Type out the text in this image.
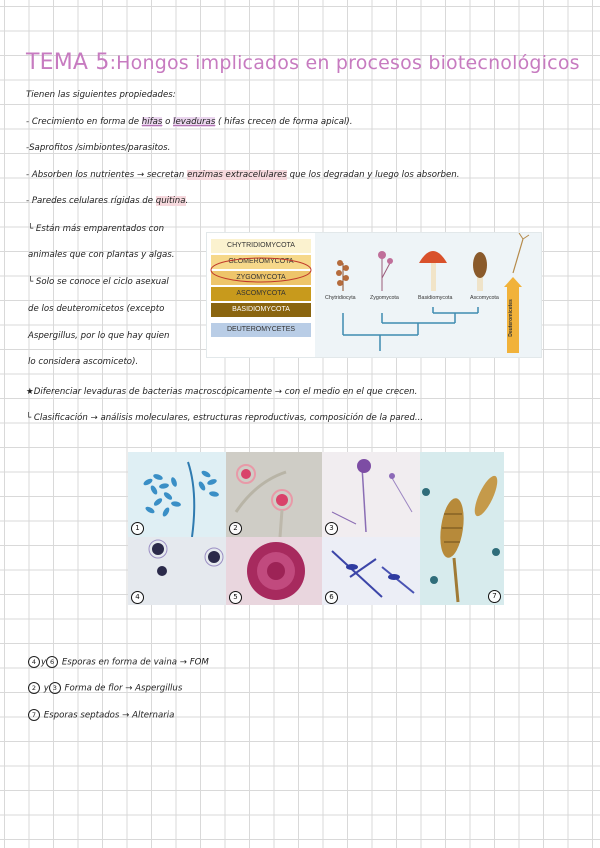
TEMA 5:Hongos implicados en procesos biotecnológicos
Tienen las siguientes propiedades:
- Crecimiento en forma de hifas o levaduras ( hifas crecen de forma apical).
-Saprofitos /simbiontes/parasitos.
- Absorben los nutrientes → secretan enzimas extracelulares que los degradan y luego los absorben.
- Paredes celulares rígidas de quitina.
└ Están más emparentados con
animales que con plantas y algas.
└ Solo se conoce el ciclo asexual
de los deuteromicetos (excepto
Aspergillus, por lo que hay quien
lo considera ascomiceto).
CHYTRIDIOMYCOTA
GLOMEROMYCOTA
ZYGOMYCOTA
ASCOMYCOTA
BASIDIOMYCOTA
DEUTEROMYCETES
Chytridiocyta	Zygomycota	Basidiomycota	Ascomycota
Deuteromicetes
★Diferenciar levaduras de bacterias macroscópicamente → con el medio en el que crecen.
└ Clasificación → análisis moleculares, estructuras reproductivas, composición de la pared...
1	2	3
4	5	6	7
4 y 6 Esporas en forma de vaina → FOM
2 y 3 Forma de flor → Aspergillus
7 Esporas septados → Alternaria
